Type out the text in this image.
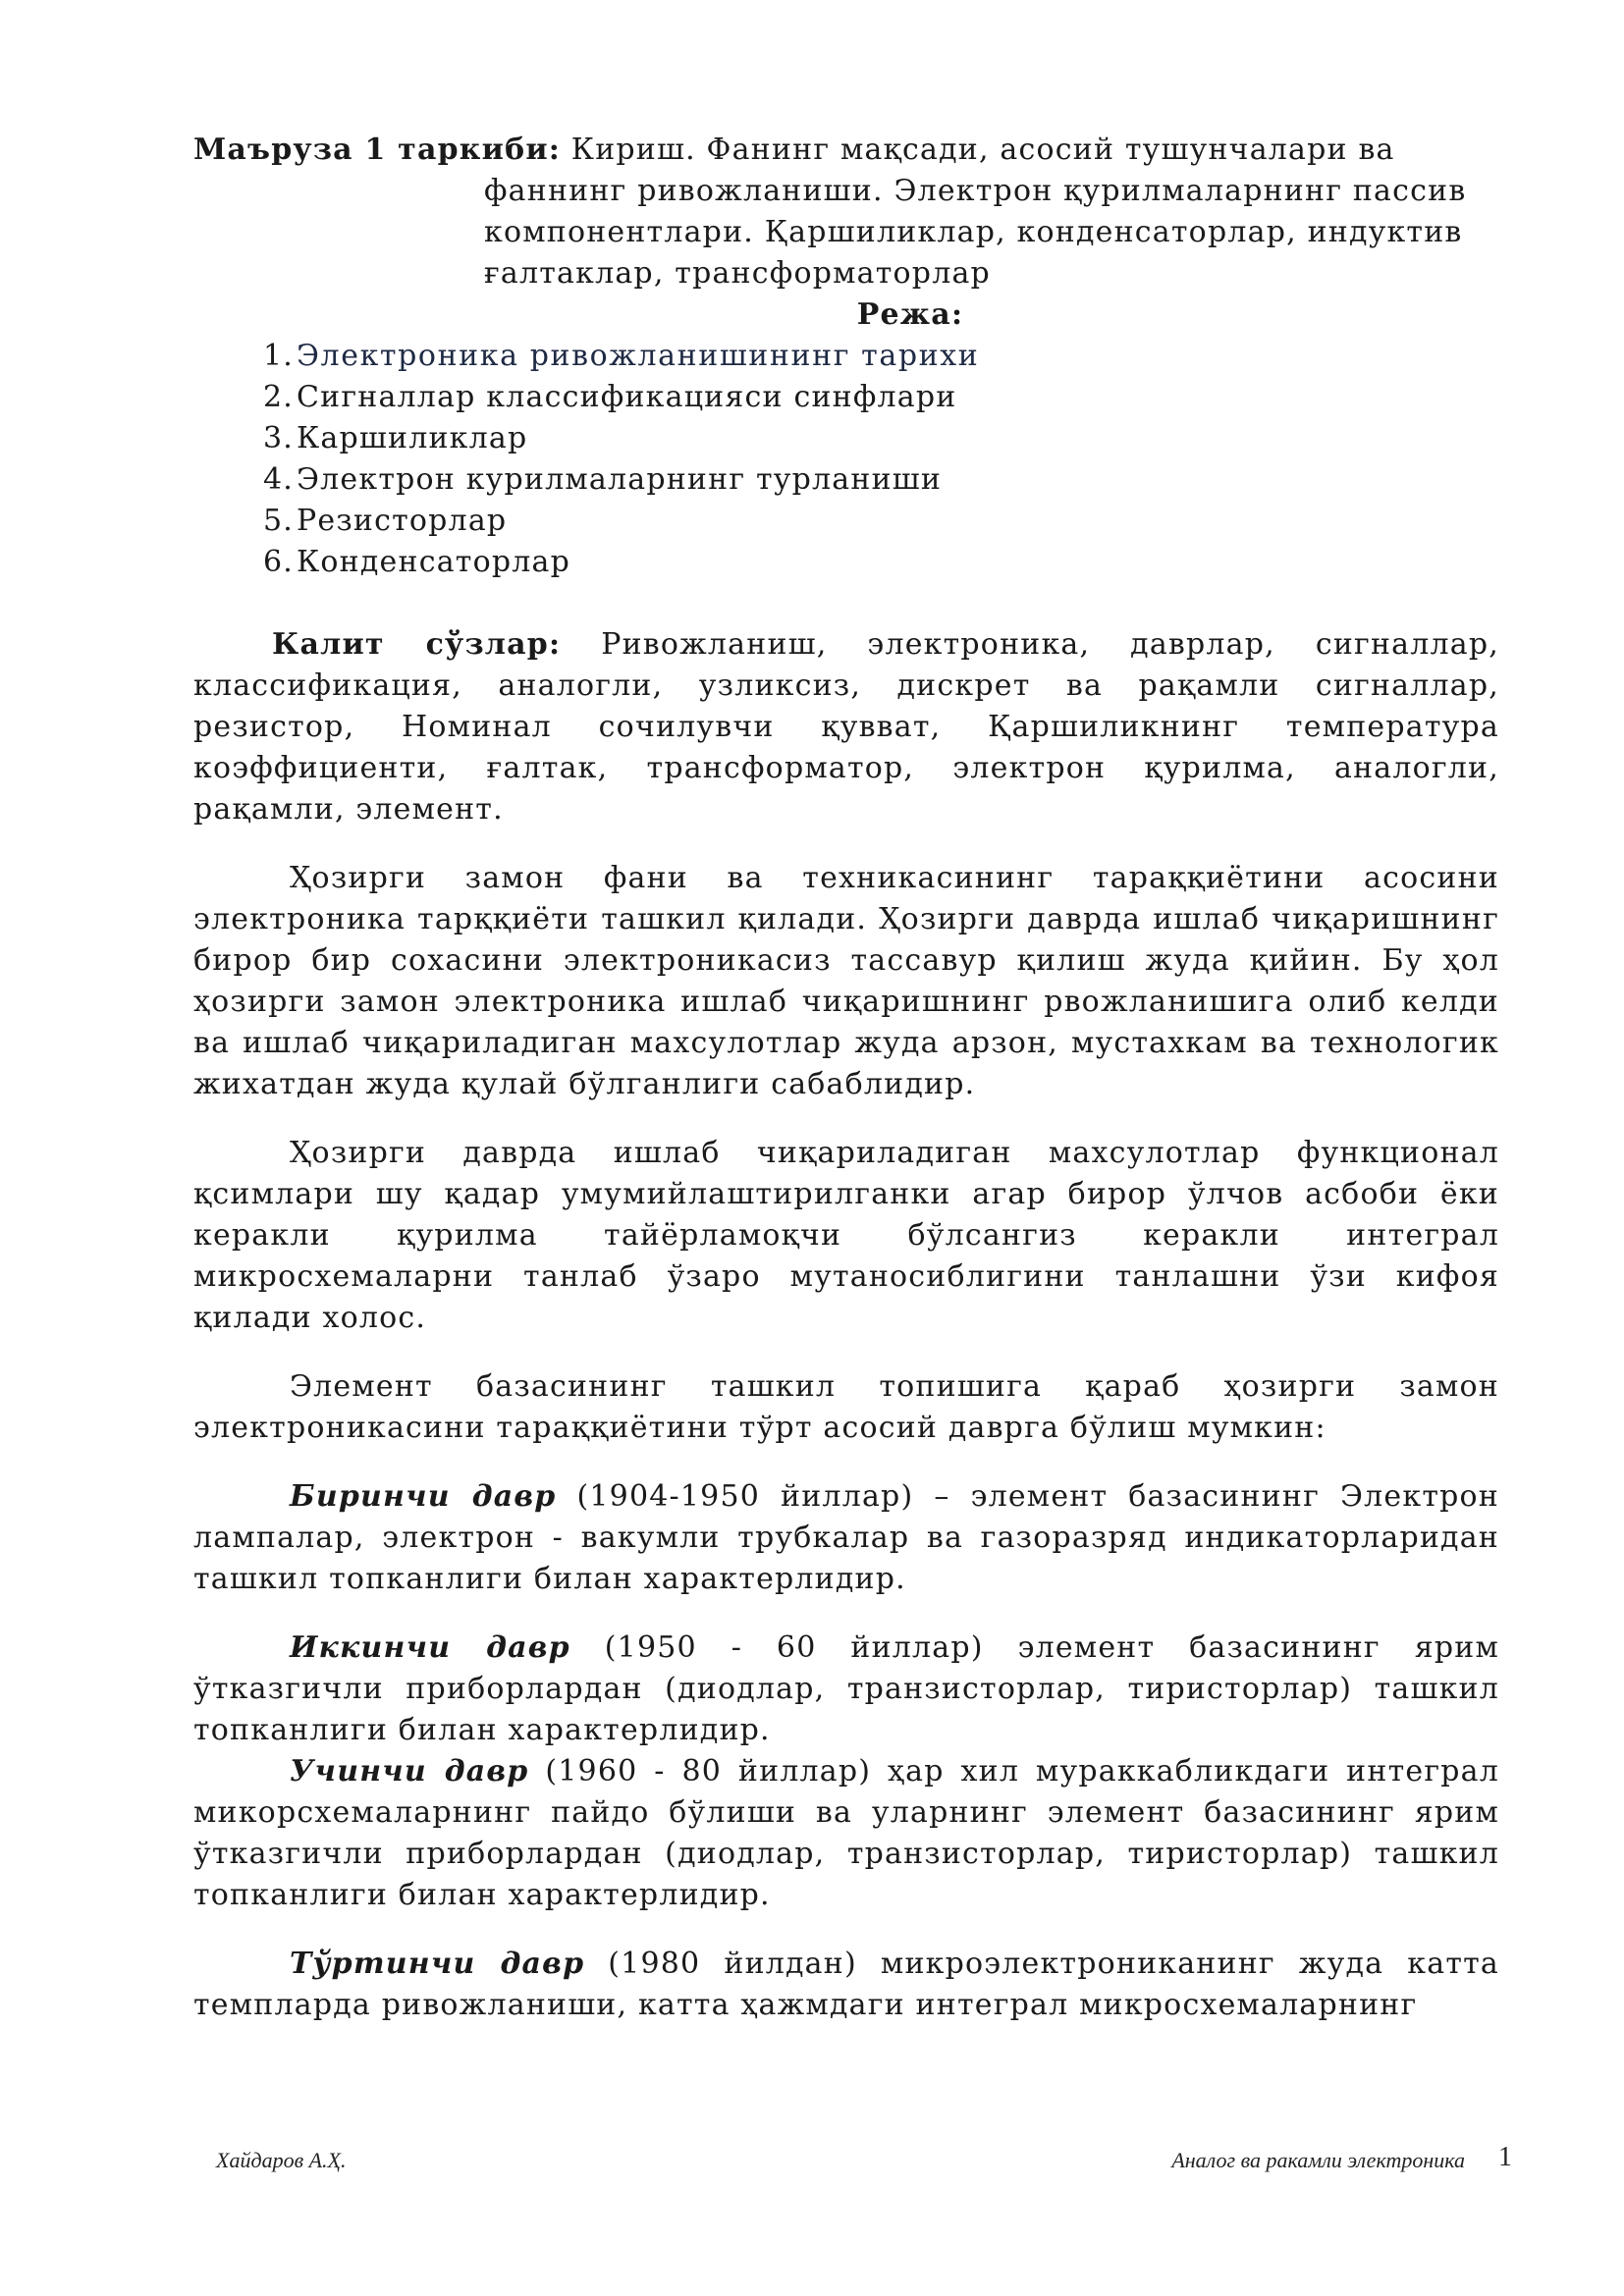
Маъруза 1 таркиби: Кириш. Фанинг мақсади, асосий тушунчалари ва
фаннинг ривожланиши. Электрон қурилмаларнинг пассив
компонентлари. Қаршиликлар, конденсаторлар, индуктив
ғалтаклар, трансформаторлар

Режа:
1. Электроника ривожланишининг тарихи
2. Сигналлар классификацияси синфлари
3. Каршиликлар
4. Электрон курилмаларнинг турланиши
5. Резисторлар
6. Конденсаторлар

Калит сўзлар: Ривожланиш, электроника, даврлар, сигналлар, классификация, аналогли, узликсиз, дискрет ва рақамли сигналлар, резистор, Номинал сочилувчи қувват, Қаршиликнинг температура коэффициенти, ғалтак, трансформатор, электрон қурилма, аналогли, рақамли, элемент.

Ҳозирги замон фани ва техникасининг тараққиётини асосини электроника тарққиёти ташкил қилади. Ҳозирги даврда ишлаб чиқаришнинг бирор бир сохасини электроникасиз тассавур қилиш жуда қийин. Бу ҳол ҳозирги замон электроника ишлаб чиқаришнинг рвожланишига олиб келди ва ишлаб чиқариладиган махсулотлар жуда арзон, мустахкам ва технологик жихатдан жуда қулай бўлганлиги сабаблидир.

Ҳозирги даврда ишлаб чиқариладиган махсулотлар функционал қсимлари шу қадар умумийлаштирилганки агар бирор ўлчов асбоби ёки керакли қурилма тайёрламоқчи бўлсангиз керакли интеграл микросхемаларни танлаб ўзаро мутаносиблигини танлашни ўзи кифоя қилади холос.

Элемент базасининг ташкил топишига қараб ҳозирги замон электроникасини тараққиётини тўрт асосий даврга бўлиш мумкин:

Биринчи давр (1904-1950 йиллар) – элемент базасининг Электрон лампалар, электрон - вакумли трубкалар ва газоразряд индикаторларидан ташкил топканлиги билан характерлидир.

Иккинчи давр (1950 - 60 йиллар) элемент базасининг ярим ўтказгичли приборлардан (диодлар, транзисторлар, тиристорлар) ташкил топканлиги билан характерлидир.

Учинчи давр (1960 - 80 йиллар) ҳар хил мураккабликдаги интеграл микорсхемаларнинг пайдо бўлиши ва уларнинг элемент базасининг ярим ўтказгичли приборлардан (диодлар, транзисторлар, тиристорлар) ташкил топканлиги билан характерлидир.

Тўртинчи давр (1980 йилдан) микроэлектрониканинг жуда катта темпларда ривожланиши, катта ҳажмдаги интеграл микросхемаларнинг

Хайдаров А.Ҳ.	Аналог ва ракамли электроника 1
